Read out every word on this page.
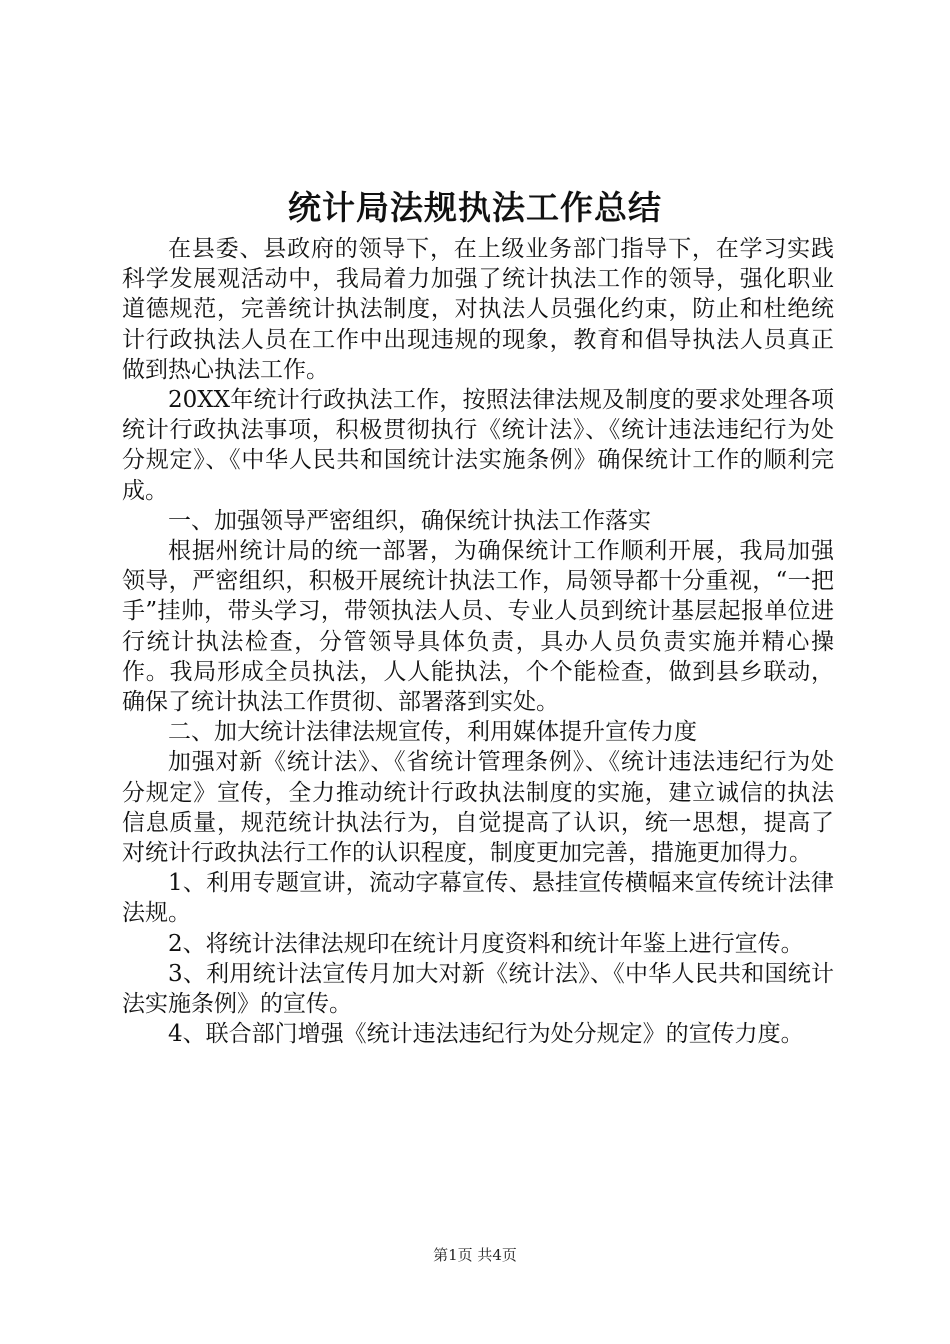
统计局法规执法工作总结

在县委、县政府的领导下，在上级业务部门指导下，在学习实践科学发展观活动中，我局着力加强了统计执法工作的领导，强化职业道德规范，完善统计执法制度，对执法人员强化约束，防止和杜绝统计行政执法人员在工作中出现违规的现象，教育和倡导执法人员真正做到热心执法工作。

20XX年统计行政执法工作，按照法律法规及制度的要求处理各项统计行政执法事项，积极贯彻执行《统计法》、《统计违法违纪行为处分规定》、《中华人民共和国统计法实施条例》确保统计工作的顺利完成。

一、加强领导严密组织，确保统计执法工作落实

根据州统计局的统一部署，为确保统计工作顺利开展，我局加强领导，严密组织，积极开展统计执法工作，局领导都十分重视，“一把手”挂帅，带头学习，带领执法人员、专业人员到统计基层起报单位进行统计执法检查，分管领导具体负责，具办人员负责实施并精心操作。我局形成全员执法，人人能执法，个个能检查，做到县乡联动，确保了统计执法工作贯彻、部署落到实处。

二、加大统计法律法规宣传，利用媒体提升宣传力度

加强对新《统计法》、《省统计管理条例》、《统计违法违纪行为处分规定》宣传，全力推动统计行政执法制度的实施，建立诚信的执法信息质量，规范统计执法行为，自觉提高了认识，统一思想，提高了对统计行政执法行工作的认识程度，制度更加完善，措施更加得力。

1、利用专题宣讲，流动字幕宣传、悬挂宣传横幅来宣传统计法律法规。

2、将统计法律法规印在统计月度资料和统计年鉴上进行宣传。

3、利用统计法宣传月加大对新《统计法》、《中华人民共和国统计法实施条例》的宣传。

4、联合部门增强《统计违法违纪行为处分规定》的宣传力度。

第1页 共4页
